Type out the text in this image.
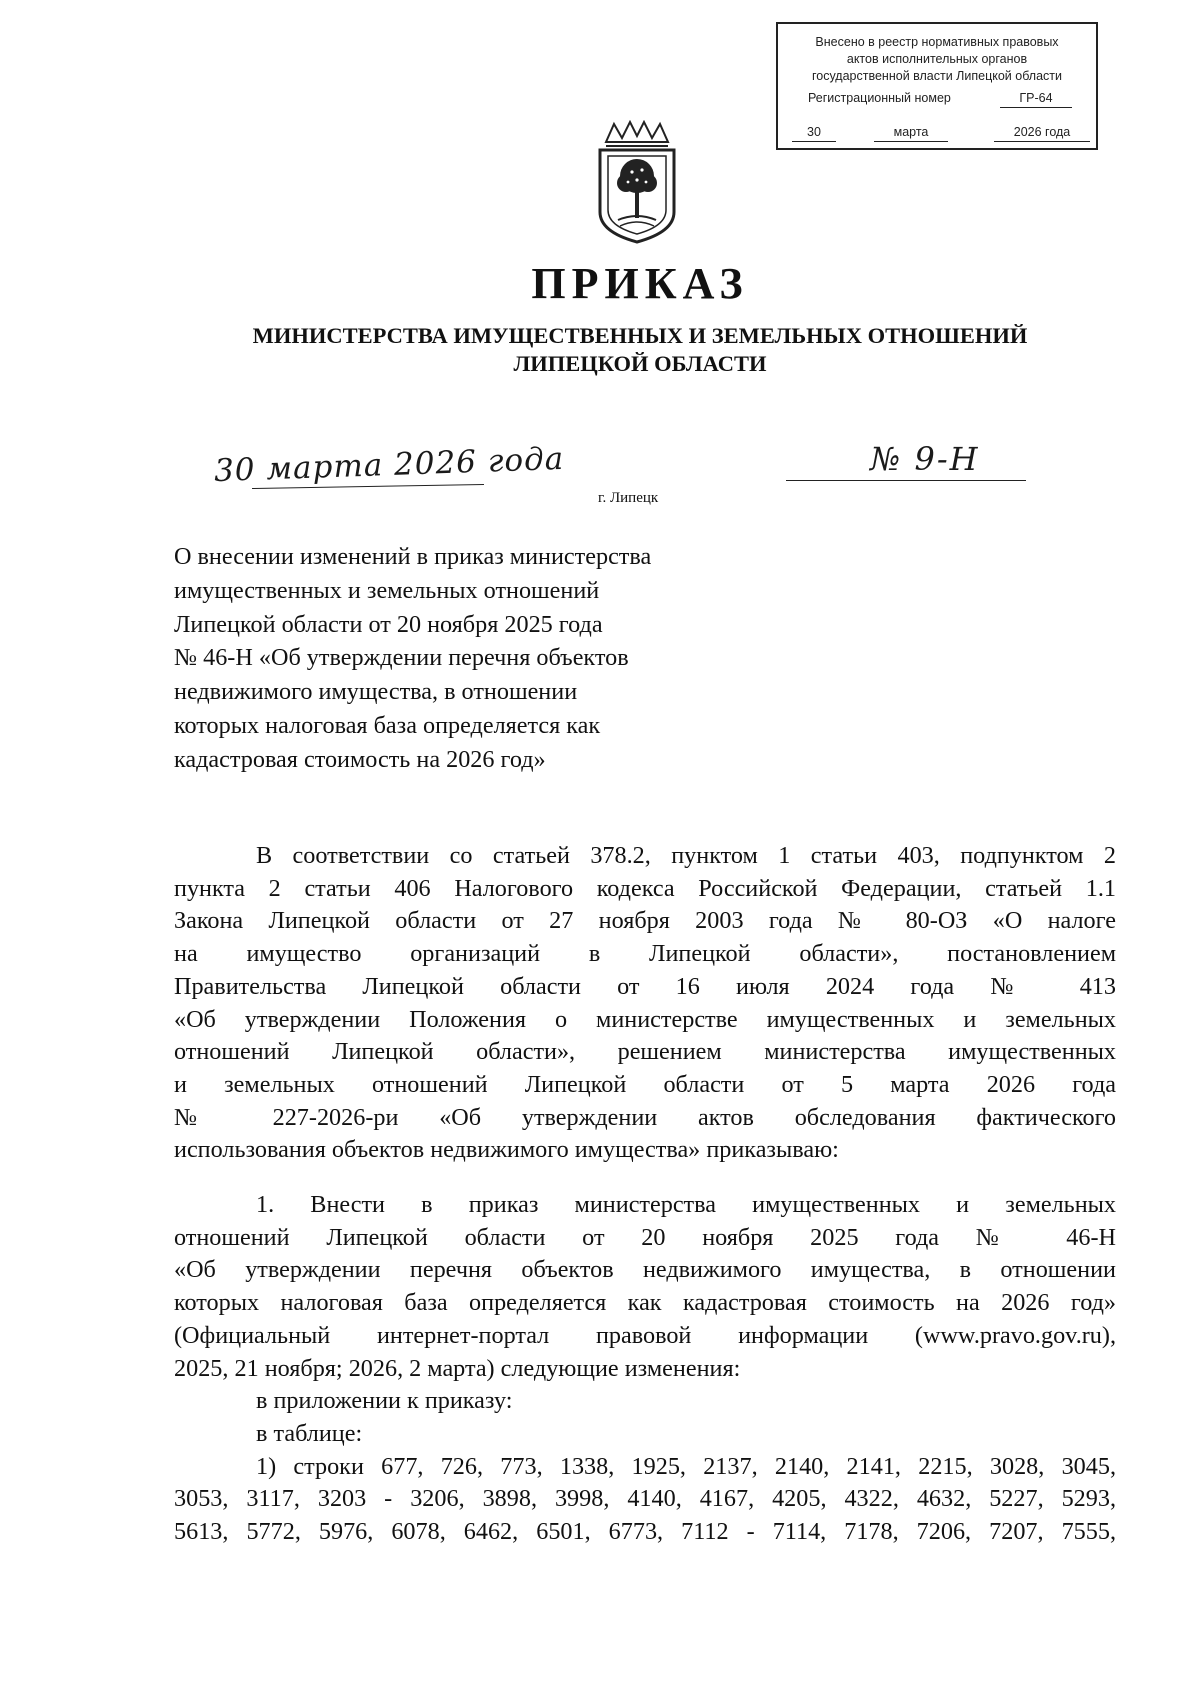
Внесено в реестр нормативных правовых
актов исполнительных органов
государственной власти Липецкой области
Регистрационный номер	ГР-64
30	марта	2026 года
ПРИКАЗ
МИНИСТЕРСТВА ИМУЩЕСТВЕННЫХ И ЗЕМЕЛЬНЫХ ОТНОШЕНИЙ
ЛИПЕЦКОЙ ОБЛАСТИ
30 марта 2026 года	№ 9-Н
г. Липецк
О внесении изменений в приказ министерства
имущественных и земельных отношений
Липецкой области от 20 ноября 2025 года
№ 46-Н «Об утверждении перечня объектов
недвижимого имущества, в отношении
которых налоговая база определяется как
кадастровая стоимость на 2026 год»
В соответствии со статьей 378.2, пунктом 1 статьи 403, подпунктом 2
пункта 2 статьи 406 Налогового кодекса Российской Федерации, статьей 1.1
Закона Липецкой области от 27 ноября 2003 года № 80-ОЗ «О налоге
на имущество организаций в Липецкой области», постановлением
Правительства Липецкой области от 16 июля 2024 года № 413
«Об утверждении Положения о министерстве имущественных и земельных
отношений Липецкой области», решением министерства имущественных
и земельных отношений Липецкой области от 5 марта 2026 года
№ 227-2026-ри «Об утверждении актов обследования фактического
использования объектов недвижимого имущества» приказываю:
1. Внести в приказ министерства имущественных и земельных
отношений Липецкой области от 20 ноября 2025 года № 46-Н
«Об утверждении перечня объектов недвижимого имущества, в отношении
которых налоговая база определяется как кадастровая стоимость на 2026 год»
(Официальный интернет-портал правовой информации (www.pravo.gov.ru),
2025, 21 ноября; 2026, 2 марта) следующие изменения:
в приложении к приказу:
в таблице:
1) строки 677, 726, 773, 1338, 1925, 2137, 2140, 2141, 2215, 3028, 3045,
3053, 3117, 3203 - 3206, 3898, 3998, 4140, 4167, 4205, 4322, 4632, 5227, 5293,
5613, 5772, 5976, 6078, 6462, 6501, 6773, 7112 - 7114, 7178, 7206, 7207, 7555,
